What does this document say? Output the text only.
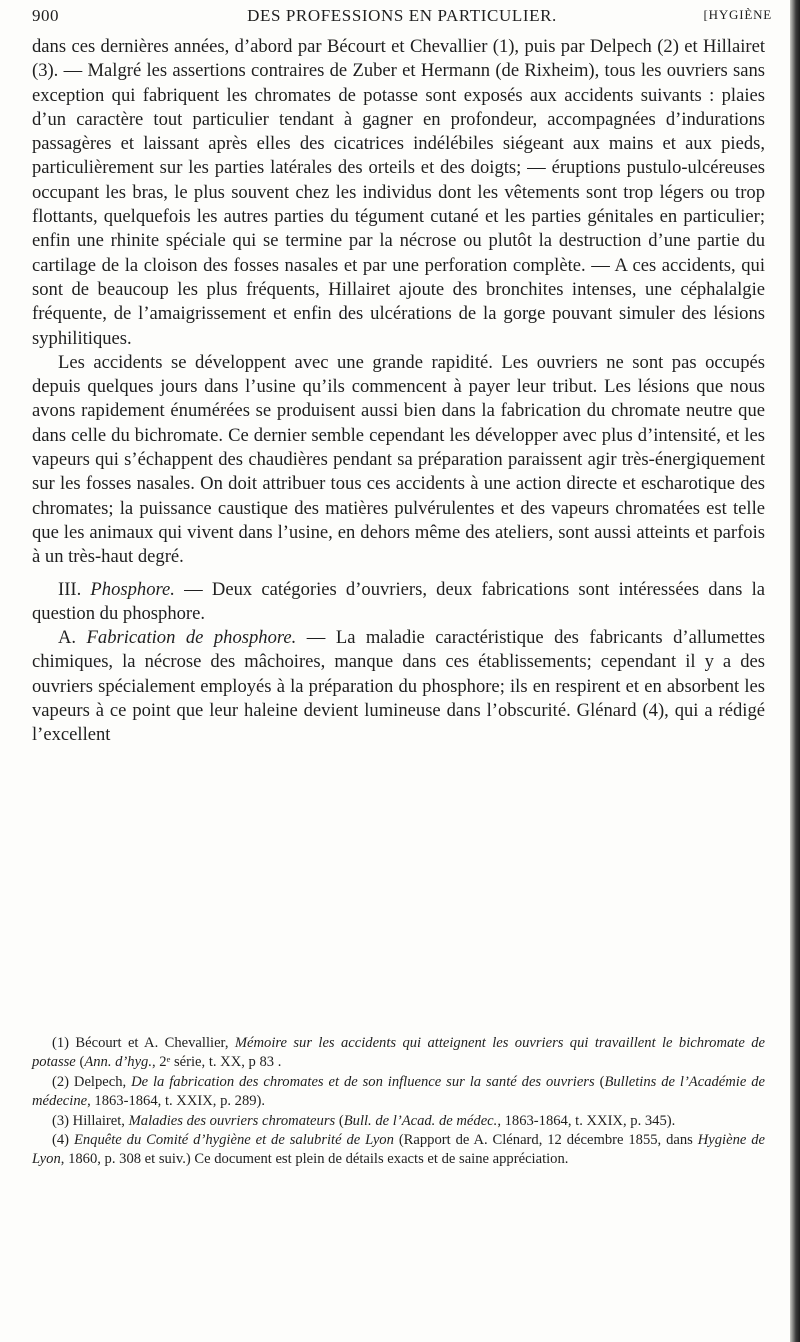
900	DES PROFESSIONS EN PARTICULIER.	[HYGIÈNE

dans ces dernières années, d’abord par Bécourt et Chevallier (1), puis par Delpech (2) et Hillairet (3). — Malgré les assertions contraires de Zuber et Hermann (de Rixheim), tous les ouvriers sans exception qui fabriquent les chromates de potasse sont exposés aux accidents suivants : plaies d’un caractère tout particulier tendant à gagner en profondeur, accompagnées d’indurations passagères et laissant après elles des cicatrices indélébiles siégeant aux mains et aux pieds, particulièrement sur les parties latérales des orteils et des doigts; — éruptions pustulo-ulcéreuses occupant les bras, le plus souvent chez les individus dont les vêtements sont trop légers ou trop flottants, quelquefois les autres parties du tégument cutané et les parties génitales en particulier; enfin une rhinite spéciale qui se termine par la nécrose ou plutôt la destruction d’une partie du cartilage de la cloison des fosses nasales et par une perforation complète. — A ces accidents, qui sont de beaucoup les plus fréquents, Hillairet ajoute des bronchites intenses, une céphalalgie fréquente, de l’amaigrissement et enfin des ulcérations de la gorge pouvant simuler des lésions syphilitiques.

Les accidents se développent avec une grande rapidité. Les ouvriers ne sont pas occupés depuis quelques jours dans l’usine qu’ils commencent à payer leur tribut. Les lésions que nous avons rapidement énumérées se produisent aussi bien dans la fabrication du chromate neutre que dans celle du bichromate. Ce dernier semble cependant les développer avec plus d’intensité, et les vapeurs qui s’échappent des chaudières pendant sa préparation paraissent agir très-énergiquement sur les fosses nasales. On doit attribuer tous ces accidents à une action directe et escharotique des chromates; la puissance caustique des matières pulvérulentes et des vapeurs chromatées est telle que les animaux qui vivent dans l’usine, en dehors même des ateliers, sont aussi atteints et parfois à un très-haut degré.

III. Phosphore. — Deux catégories d’ouvriers, deux fabrications sont intéressées dans la question du phosphore.

A. Fabrication de phosphore. — La maladie caractéristique des fabricants d’allumettes chimiques, la nécrose des mâchoires, manque dans ces établissements; cependant il y a des ouvriers spécialement employés à la préparation du phosphore; ils en respirent et en absorbent les vapeurs à ce point que leur haleine devient lumineuse dans l’obscurité. Glénard (4), qui a rédigé l’excellent

(1) Bécourt et A. Chevallier, Mémoire sur les accidents qui atteignent les ouvriers qui travaillent le bichromate de potasse (Ann. d’hyg., 2ᵉ série, t. XX, p 83 .

(2) Delpech, De la fabrication des chromates et de son influence sur la santé des ouvriers (Bulletins de l’Académie de médecine, 1863-1864, t. XXIX, p. 289).

(3) Hillairet, Maladies des ouvriers chromateurs (Bull. de l’Acad. de médec., 1863-1864, t. XXIX, p. 345).

(4) Enquête du Comité d’hygiène et de salubrité de Lyon (Rapport de A. Clénard, 12 décembre 1855, dans Hygiène de Lyon, 1860, p. 308 et suiv.) Ce document est plein de détails exacts et de saine appréciation.
